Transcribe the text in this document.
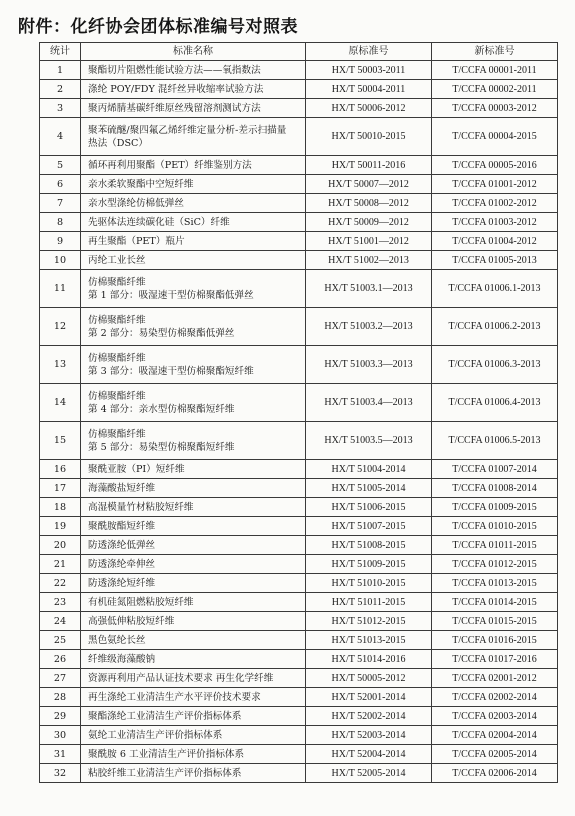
附件：化纤协会团体标准编号对照表
统计	标准名称	原标准号	新标准号
1	聚酯切片阻燃性能试验方法——氧指数法	HX/T 50003-2011	T/CCFA 00001-2011
2	涤纶 POY/FDY 混纤丝异收缩率试验方法	HX/T 50004-2011	T/CCFA 00002-2011
3	聚丙烯腈基碳纤维原丝残留溶剂测试方法	HX/T 50006-2012	T/CCFA 00003-2012
4	聚苯硫醚/聚四氟乙烯纤维定量分析-差示扫描量
热法（DSC）	HX/T 50010-2015	T/CCFA 00004-2015
5	循环再利用聚酯（PET）纤维鉴别方法	HX/T 50011-2016	T/CCFA 00005-2016
6	亲水柔软聚酯中空短纤维	HX/T 50007—2012	T/CCFA 01001-2012
7	亲水型涤纶仿棉低弹丝	HX/T 50008—2012	T/CCFA 01002-2012
8	先驱体法连续碳化硅（SiC）纤维	HX/T 50009—2012	T/CCFA 01003-2012
9	再生聚酯（PET）瓶片	HX/T 51001—2012	T/CCFA 01004-2012
10	丙纶工业长丝	HX/T 51002—2013	T/CCFA 01005-2013
11	仿棉聚酯纤维
第 1 部分：吸湿速干型仿棉聚酯低弹丝	HX/T 51003.1—2013	T/CCFA 01006.1-2013
12	仿棉聚酯纤维
第 2 部分：易染型仿棉聚酯低弹丝	HX/T 51003.2—2013	T/CCFA 01006.2-2013
13	仿棉聚酯纤维
第 3 部分：吸湿速干型仿棉聚酯短纤维	HX/T 51003.3—2013	T/CCFA 01006.3-2013
14	仿棉聚酯纤维
第 4 部分：亲水型仿棉聚酯短纤维	HX/T 51003.4—2013	T/CCFA 01006.4-2013
15	仿棉聚酯纤维
第 5 部分：易染型仿棉聚酯短纤维	HX/T 51003.5—2013	T/CCFA 01006.5-2013
16	聚酰亚胺（PI）短纤维	HX/T 51004-2014	T/CCFA 01007-2014
17	海藻酸盐短纤维	HX/T 51005-2014	T/CCFA 01008-2014
18	高湿模量竹材粘胶短纤维	HX/T 51006-2015	T/CCFA 01009-2015
19	聚酰胺酯短纤维	HX/T 51007-2015	T/CCFA 01010-2015
20	防透涤纶低弹丝	HX/T 51008-2015	T/CCFA 01011-2015
21	防透涤纶牵伸丝	HX/T 51009-2015	T/CCFA 01012-2015
22	防透涤纶短纤维	HX/T 51010-2015	T/CCFA 01013-2015
23	有机硅氮阻燃粘胶短纤维	HX/T 51011-2015	T/CCFA 01014-2015
24	高强低伸粘胶短纤维	HX/T 51012-2015	T/CCFA 01015-2015
25	黑色氨纶长丝	HX/T 51013-2015	T/CCFA 01016-2015
26	纤维级海藻酸钠	HX/T 51014-2016	T/CCFA 01017-2016
27	资源再利用产品认证技术要求 再生化学纤维	HX/T 50005-2012	T/CCFA 02001-2012
28	再生涤纶工业清洁生产水平评价技术要求	HX/T 52001-2014	T/CCFA 02002-2014
29	聚酯涤纶工业清洁生产评价指标体系	HX/T 52002-2014	T/CCFA 02003-2014
30	氨纶工业清洁生产评价指标体系	HX/T 52003-2014	T/CCFA 02004-2014
31	聚酰胺 6 工业清洁生产评价指标体系	HX/T 52004-2014	T/CCFA 02005-2014
32	粘胶纤维工业清洁生产评价指标体系	HX/T 52005-2014	T/CCFA 02006-2014
